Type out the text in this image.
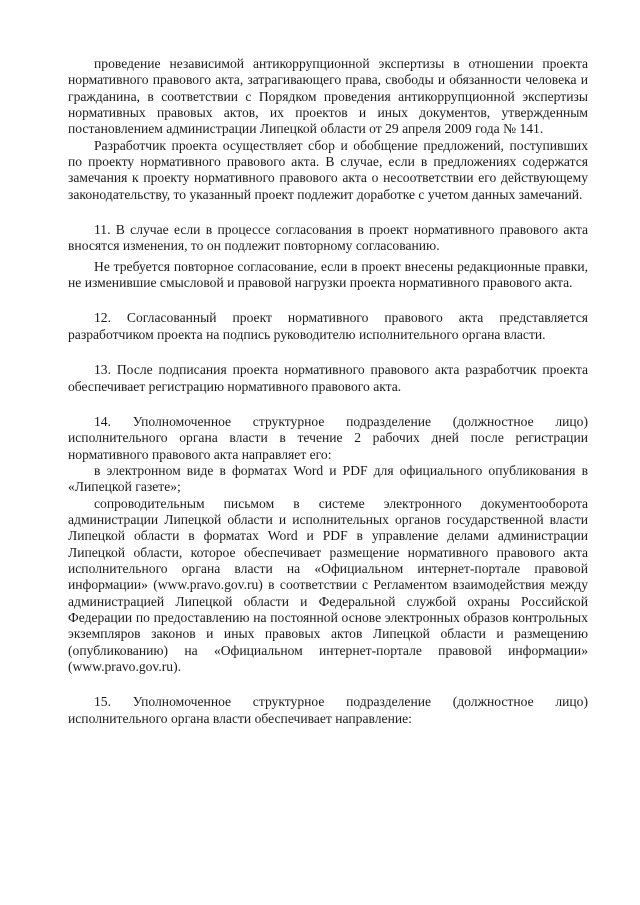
проведение независимой антикоррупционной экспертизы в отношении проекта нормативного правового акта, затрагивающего права, свободы и обязанности человека и гражданина, в соответствии с Порядком проведения антикоррупционной экспертизы нормативных правовых актов, их проектов и иных документов, утвержденным постановлением администрации Липецкой области от 29 апреля 2009 года № 141.

Разработчик проекта осуществляет сбор и обобщение предложений, поступивших по проекту нормативного правового акта. В случае, если в предложениях содержатся замечания к проекту нормативного правового акта о несоответствии его действующему законодательству, то указанный проект подлежит доработке с учетом данных замечаний.

11. В случае если в процессе согласования в проект нормативного правового акта вносятся изменения, то он подлежит повторному согласованию.

Не требуется повторное согласование, если в проект внесены редакционные правки, не изменившие смысловой и правовой нагрузки проекта нормативного правового акта.

12. Согласованный проект нормативного правового акта представляется разработчиком проекта на подпись руководителю исполнительного органа власти.

13. После подписания проекта нормативного правового акта разработчик проекта обеспечивает регистрацию нормативного правового акта.

14. Уполномоченное структурное подразделение (должностное лицо) исполнительного органа власти в течение 2 рабочих дней после регистрации нормативного правового акта направляет его:

в электронном виде в форматах Word и PDF для официального опубликования в «Липецкой газете»;

сопроводительным письмом в системе электронного документооборота администрации Липецкой области и исполнительных органов государственной власти Липецкой области в форматах Word и PDF в управление делами администрации Липецкой области, которое обеспечивает размещение нормативного правового акта исполнительного органа власти на «Официальном интернет-портале правовой информации» (www.pravo.gov.ru) в соответствии с Регламентом взаимодействия между администрацией Липецкой области и Федеральной службой охраны Российской Федерации по предоставлению на постоянной основе электронных образов контрольных экземпляров законов и иных правовых актов Липецкой области и размещению (опубликованию) на «Официальном интернет-портале правовой информации» (www.pravo.gov.ru).

15. Уполномоченное структурное подразделение (должностное лицо) исполнительного органа власти обеспечивает направление:
